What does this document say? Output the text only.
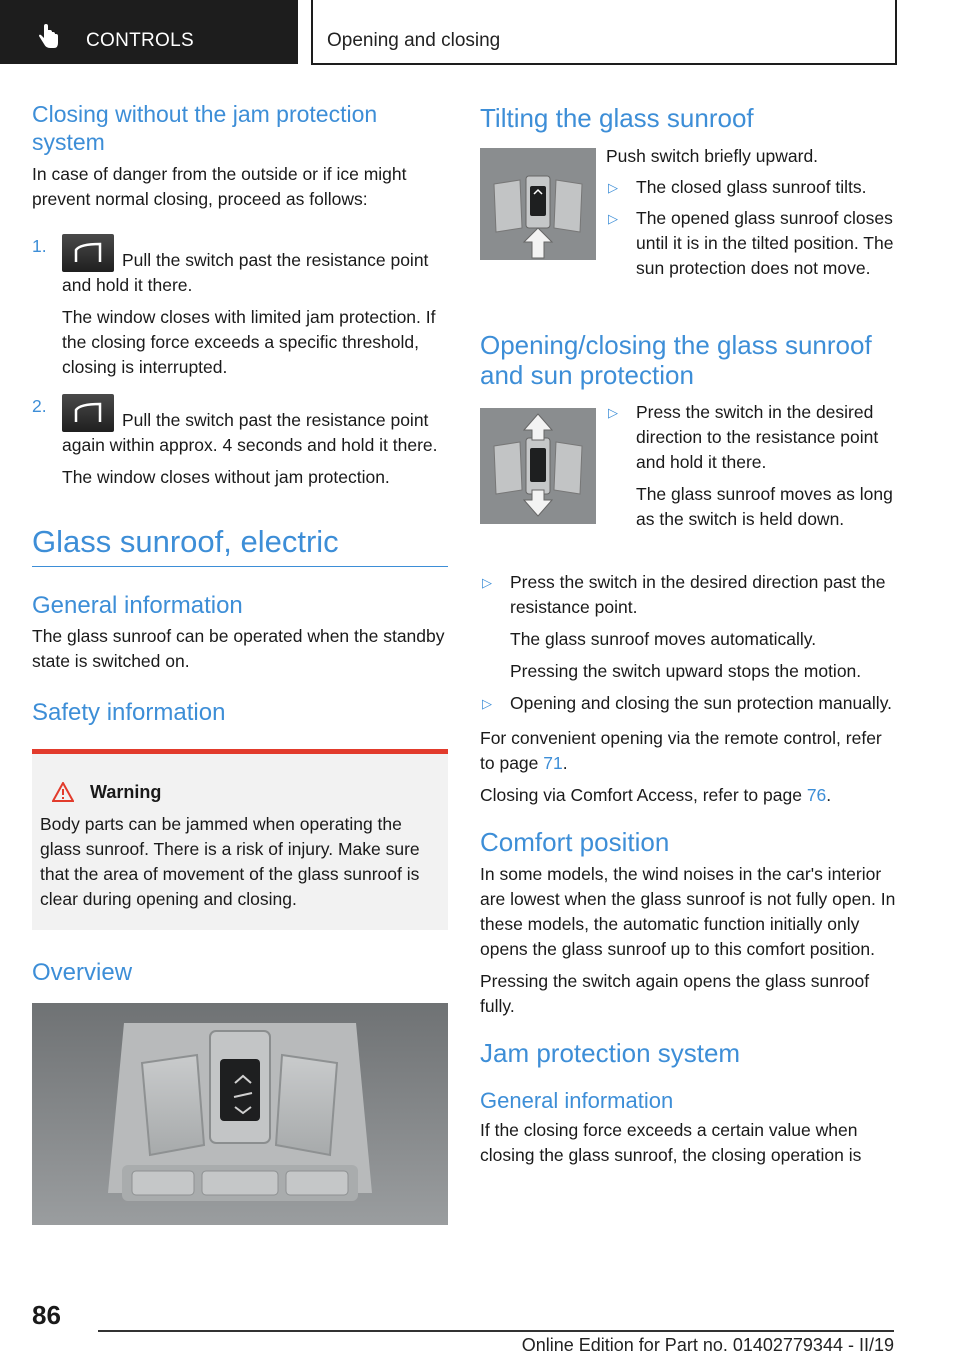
CONTROLS	Opening and closing
Closing without the jam protection system

In case of danger from the outside or if ice might prevent normal closing, proceed as follows:

1.

Pull the switch past the resistance point and hold it there.

The window closes with limited jam protection. If the closing force exceeds a specific threshold, closing is interrupted.

2.

Pull the switch past the resistance point again within approx. 4 seconds and hold it there.

The window closes without jam protection.

Glass sunroof, electric
General information

The glass sunroof can be operated when the standby state is switched on.

Safety information
Warning

Body parts can be jammed when operating the glass sunroof. There is a risk of injury. Make sure that the area of movement of the glass sunroof is clear during opening and closing.

Overview
Tilting the glass sunroof

Push switch briefly upward.

▷ The closed glass sunroof tilts.

▷ The opened glass sunroof closes until it is in the tilted position. The sun protection does not move.

Opening/closing the glass sunroof and sun protection
▷ Press the switch in the desired direction to the resistance point and hold it there.

The glass sunroof moves as long as the switch is held down.

▷ Press the switch in the desired direction past the resistance point.

The glass sunroof moves automatically.

Pressing the switch upward stops the motion.

▷ Opening and closing the sun protection manually.

For convenient opening via the remote control, refer to page 71.

Closing via Comfort Access, refer to page 76.

Comfort position

In some models, the wind noises in the car's interior are lowest when the glass sunroof is not fully open. In these models, the automatic function initially only opens the glass sunroof up to this comfort position.

Pressing the switch again opens the glass sunroof fully.

Jam protection system
General information

If the closing force exceeds a certain value when closing the glass sunroof, the closing operation is

86
Online Edition for Part no. 01402779344 - II/19
